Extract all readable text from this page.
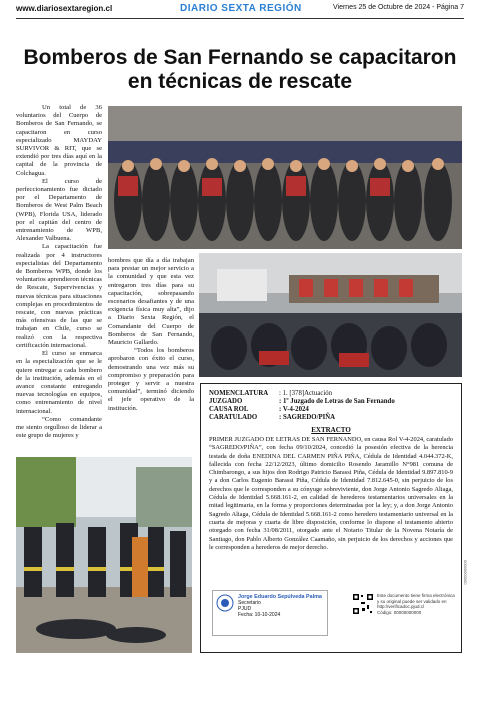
www.diariosextaregion.cl	DIARIO SEXTA REGIÓN	Viernes 25 de Octubre de 2024 - Página 7
Bomberos de San Fernando se capacitaron en técnicas de rescate

Un total de 36 voluntarios del Cuerpo de Bomberos de San Fernando, se capacitaron en curso especializado MAYDAY SURVIVOR & RIT, que se extendió por tres días aquí en la capital de la provincia de Colchagua.

El curso de perfeccionamiento fue dictado por el Departamento de Bomberos de West Palm Beach (WPB), Florida USA, liderado por el capitán del centro de entrenamiento de WPB, Alexander Valbuena.

La capacitación fue realizada por 4 instructores especialistas del Departamento de Bomberos WPB, donde los voluntarios aprendieron técnicas de Rescate, Supervivencias y nuevas técnicas para situaciones complejas en procedimientos de rescate, con nuevas prácticas más ofensivas de las que se trabajan en Chile, curso se realizó con la respectiva certificación internacional.

El curso se enmarca en la especialización que se le quiere entregar a cada bombero de la institución, además en el avance constante entregando nuevas tecnologías en equipos, como entrenamiento de nivel internacional.

“Como comandante me siento orgulloso de liderar a este grupo de mujeres y

hombres que día a día trabajan para prestar un mejor servicio a la comunidad y que esta vez entregaron tres días para su capacitación, sobrepasando escenarios desafiantes y de una exigencia física muy alta”, dijo a Diario Sexta Región, el Comandante del Cuerpo de Bomberos de San Fernando, Mauricio Gallardo.

“Todos los bomberos aprobaron con éxito el curso, demostrando una vez más su compromiso y preparación para proteger y servir a nuestra comunidad”, terminó diciendo el jefe operativo de la institución.

NOMENCLATURA	: 1. [378]Actuación
JUZGADO	: 1º Juzgado de Letras de San Fernando
CAUSA ROL	: V-4-2024
CARATULADO	: SAGREDO/PIÑA
EXTRACTO
PRIMER JUZGADO DE LETRAS DE SAN FERNANDO, en causa Rol V-4-2024, caratulado “SAGREDO/PIÑA”, con fecha 09/10/2024, concedió la posesión efectiva de la herencia testada de doña ENEDINA DEL CARMEN PIÑA PIÑA, Cédula de Identidad 4.044.372-K, fallecida con fecha 22/12/2023, último domicilio Rosendo Jaramillo N°981 comuna de Chimbarongo, a sus hijos don Rodrigo Patricio Barassi Piña, Cédula de Identidad 9.897.810-9 y a don Carlos Eugenio Barassi Piña, Cédula de Identidad 7.812.645-0, sin perjuicio de los derechos que le corresponden a su cónyuge sobreviviente, don Jorge Antonio Sagredo Aliaga, Cédula de Identidad 5.668.161-2, en calidad de herederos testamentarios universales en la mitad legitimaria, en la forma y proporciones determinadas por la ley; y, a don Jorge Antonio Sagredo Aliaga, Cédula de Identidad 5.668.161-2 como heredero testamentario universal en la cuarta de mejoras y cuarta de libre disposición, conforme lo dispone el testamento abierto otorgado con fecha 31/08/2011, otorgado ante el Notario Titular de la Novena Notaría de Santiago, don Pablo Alberto González Caamaño, sin perjuicio de los derechos y acciones que le corresponden a herederos de mejor derecho.
Jorge Eduardo Sepúlveda Palma
Secretario
PJUD
Fecha: 10-10-2024
Este documento tiene firma electrónica y su original puede ser validado en http://verificadoc.pjud.cl
Código: 00000000000
00000000000
